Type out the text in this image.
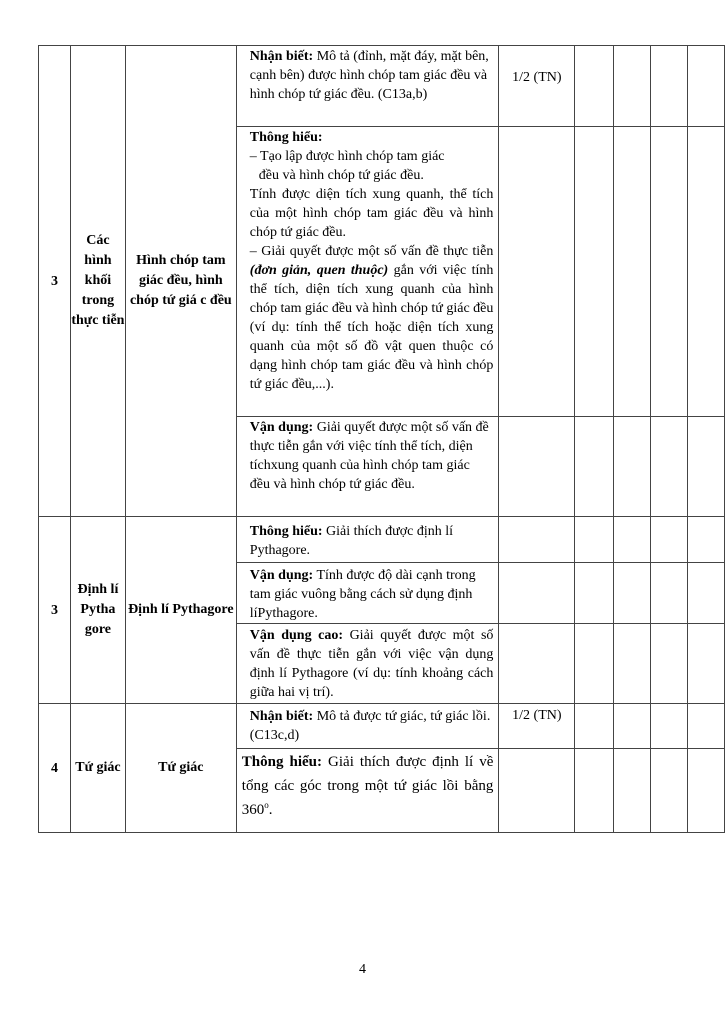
3	Các hình khối trong thực tiễn	Hình chóp tam giác đều, hình chóp tứ giá c đều	Nhận biết: Mô tả (đỉnh, mặt đáy, mặt bên, cạnh bên) được hình chóp tam giác đều và hình chóp tứ giác đều. (C13a,b)	1/2 (TN)				
			Thông hiểu:
– Tạo lập được hình chóp tam giác
đều và hình chóp tứ giác đều.
Tính được diện tích xung quanh, thể tích của một hình chóp tam giác đều và hình chóp tứ giác đều.
– Giải quyết được một số vấn đề thực tiễn (đơn giản, quen thuộc) gắn với việc tính thể tích, diện tích xung quanh của hình chóp tam giác đều và hình chóp tứ giác đều (ví dụ: tính thể tích hoặc diện tích xung quanh của một số đồ vật quen thuộc có dạng hình chóp tam giác đều và hình chóp tứ giác đều,...).					
			Vận dụng: Giải quyết được một số vấn đề thực tiễn gắn với việc tính thể tích, diện tíchxung quanh của hình chóp tam giác đều và hình chóp tứ giác đều.					
3	Định lí Pytha gore	Định lí Pythagore	Thông hiểu: Giải thích được định lí Pythagore.					
			Vận dụng: Tính được độ dài cạnh trong tam giác vuông bằng cách sử dụng định líPythagore.					
			Vận dụng cao: Giải quyết được một số vấn đề thực tiễn gắn với việc vận dụng định lí Pythagore (ví dụ: tính khoảng cách giữa hai vị trí).					
4	Tứ giác	Tứ giác	Nhận biết: Mô tả được tứ giác, tứ giác lồi. (C13c,d)	1/2 (TN)				
			Thông hiểu: Giải thích được định lí về tổng các góc trong một tứ giác lồi bằng 360$^o$.					
4
